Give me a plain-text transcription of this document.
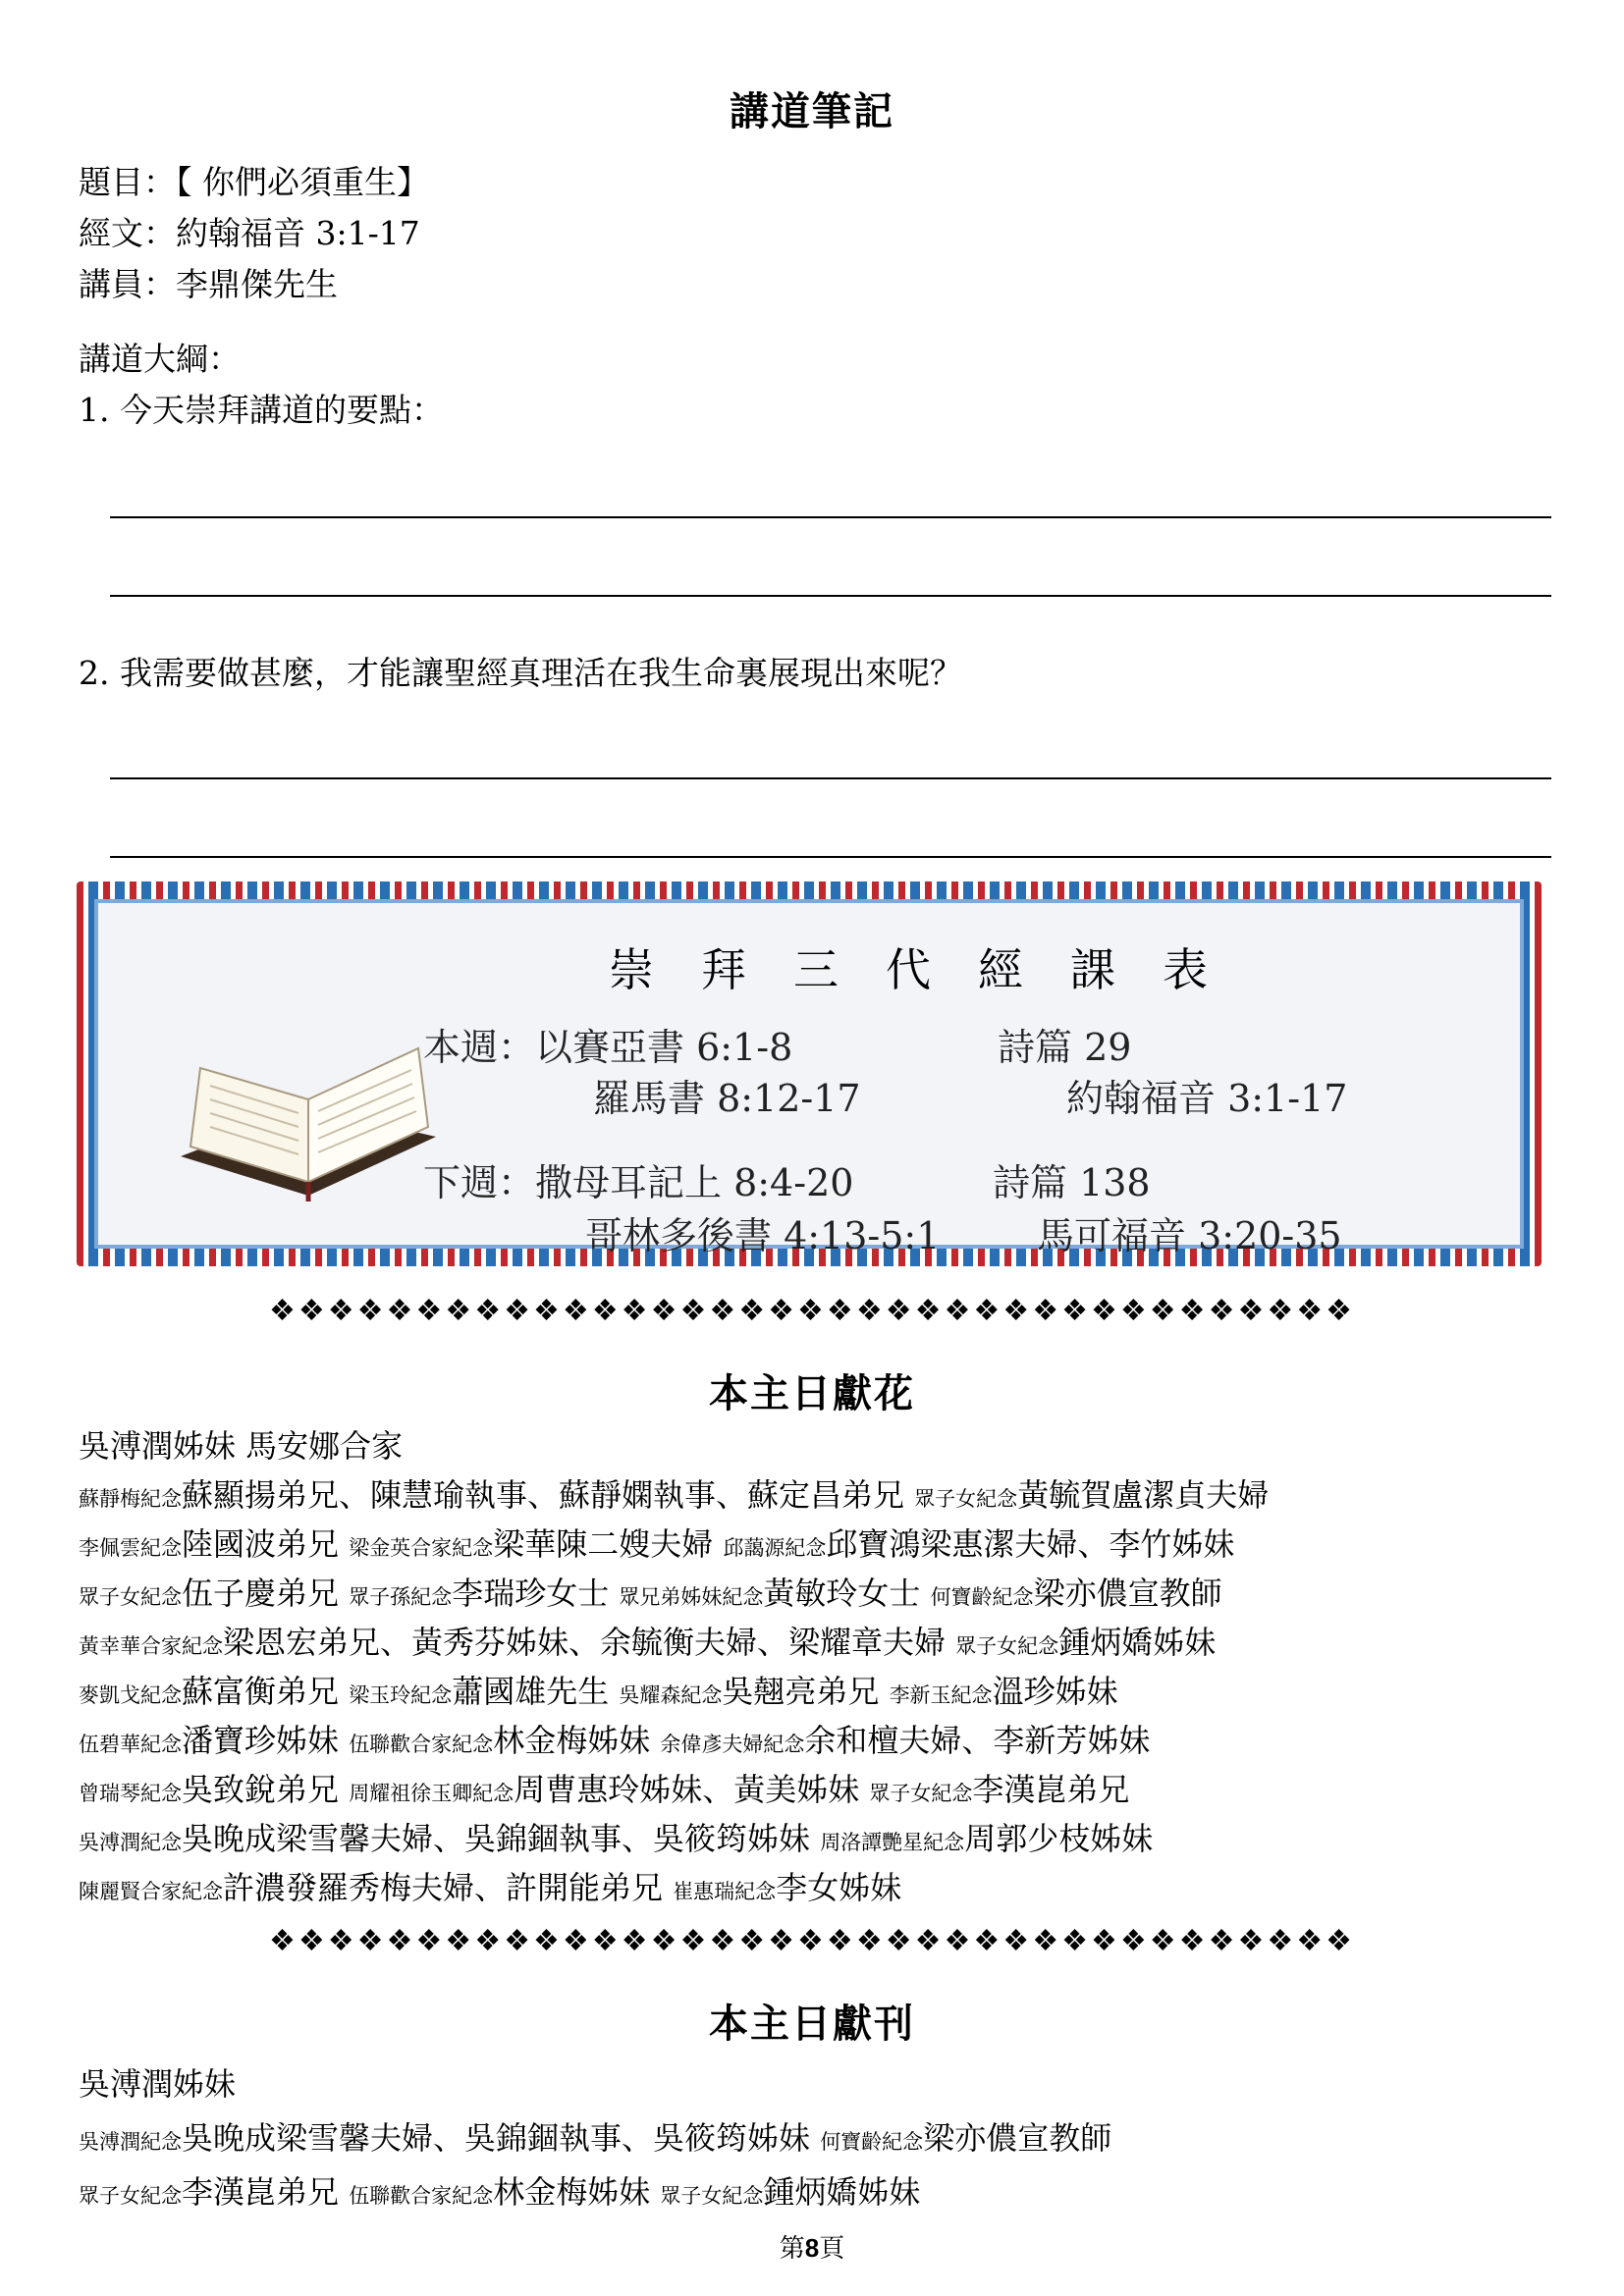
講道筆記
題目：【 你們必須重生】
經文：約翰福音 3:1-17
講員：李鼎傑先生
講道大綱：
1. 今天崇拜講道的要點：
2. 我需要做甚麼，才能讓聖經真理活在我生命裏展現出來呢？
崇拜三代經課表
本週：以賽亞書 6:1-8	詩篇 29
羅馬書 8:12-17	約翰福音 3:1-17
下週：撒母耳記上 8:4-20	詩篇 138
哥林多後書 4:13-5:1	馬可福音 3:20-35
❖❖❖❖❖❖❖❖❖❖❖❖❖❖❖❖❖❖❖❖❖❖❖❖❖❖❖❖❖❖❖❖❖❖❖❖❖
本主日獻花
吳溥潤姊妹 馬安娜合家
蘇靜梅紀念蘇顯揚弟兄、陳慧瑜執事、蘇靜嫻執事、蘇定昌弟兄 眾子女紀念黃毓賀盧潔貞夫婦
李佩雲紀念陸國波弟兄 梁金英合家紀念梁華陳二嫂夫婦 邱藹源紀念邱寶鴻梁惠潔夫婦、李竹姊妹
眾子女紀念伍子慶弟兄 眾子孫紀念李瑞珍女士 眾兄弟姊妹紀念黃敏玲女士 何寶齡紀念梁亦儂宣教師
黃幸華合家紀念梁恩宏弟兄、黃秀芬姊妹、余毓衡夫婦、梁耀章夫婦 眾子女紀念鍾炳嬌姊妹
麥凱戈紀念蘇富衡弟兄 梁玉玲紀念蕭國雄先生 吳耀森紀念吳翹亮弟兄 李新玉紀念溫珍姊妹
伍碧華紀念潘寶珍姊妹 伍聯歡合家紀念林金梅姊妹 余偉彥夫婦紀念余和檀夫婦、李新芳姊妹
曾瑞琴紀念吳致銳弟兄 周耀祖徐玉卿紀念周曹惠玲姊妹、黃美姊妹 眾子女紀念李漢崑弟兄
吳溥潤紀念吳晚成梁雪馨夫婦、吳錦錮執事、吳筱筠姊妹 周洛譚艷星紀念周郭少枝姊妹
陳麗賢合家紀念許濃發羅秀梅夫婦、許開能弟兄 崔惠瑞紀念李女姊妹
❖❖❖❖❖❖❖❖❖❖❖❖❖❖❖❖❖❖❖❖❖❖❖❖❖❖❖❖❖❖❖❖❖❖❖❖❖
本主日獻刊
吳溥潤姊妹
吳溥潤紀念吳晚成梁雪馨夫婦、吳錦錮執事、吳筱筠姊妹 何寶齡紀念梁亦儂宣教師
眾子女紀念李漢崑弟兄 伍聯歡合家紀念林金梅姊妹 眾子女紀念鍾炳嬌姊妹
第8頁
